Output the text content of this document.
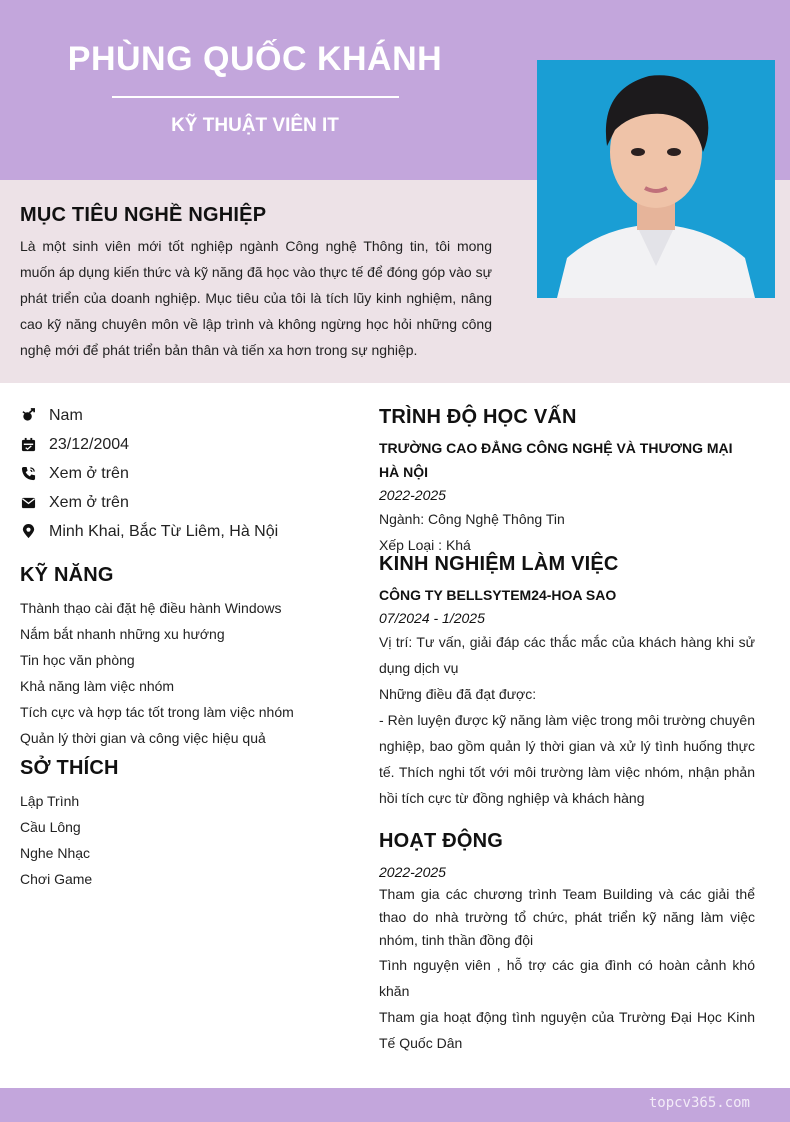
PHÙNG QUỐC KHÁNH
KỸ THUẬT VIÊN IT
MỤC TIÊU NGHỀ NGHIỆP
Là một sinh viên mới tốt nghiệp ngành Công nghệ Thông tin, tôi mong muốn áp dụng kiến thức và kỹ năng đã học vào thực tế để đóng góp vào sự phát triển của doanh nghiệp. Mục tiêu của tôi là tích lũy kinh nghiệm, nâng cao kỹ năng chuyên môn về lập trình và không ngừng học hỏi những công nghệ mới để phát triển bản thân và tiến xa hơn trong sự nghiệp.
Nam
23/12/2004
Xem ở trên
Xem ở trên
Minh Khai, Bắc Từ Liêm, Hà Nội
KỸ NĂNG
Thành thạo cài đặt hệ điều hành Windows
Nắm bắt nhanh những xu hướng
Tin học văn phòng
Khả năng làm việc nhóm
Tích cực và hợp tác tốt trong làm việc nhóm
Quản lý thời gian và công việc hiệu quả
SỞ THÍCH
Lập Trình
Cầu Lông
Nghe Nhạc
Chơi Game
TRÌNH ĐỘ HỌC VẤN
TRƯỜNG CAO ĐẲNG CÔNG NGHỆ VÀ THƯƠNG MẠI HÀ NỘI
2022-2025
Ngành: Công Nghệ Thông Tin
Xếp Loại : Khá
KINH NGHIỆM LÀM VIỆC
CÔNG TY BELLSYTEM24-HOA SAO
07/2024 - 1/2025
Vị trí: Tư vấn, giải đáp các thắc mắc của khách hàng khi sử dụng dịch vụ
Những điều đã đạt được:
- Rèn luyện được kỹ năng làm việc trong môi trường chuyên nghiệp, bao gồm quản lý thời gian và xử lý tình huống thực tế. Thích nghi tốt với môi trường làm việc nhóm, nhận phản hồi tích cực từ đồng nghiệp và khách hàng
HOẠT ĐỘNG
2022-2025
Tham gia các chương trình Team Building và các giải thể thao do nhà trường tổ chức, phát triển kỹ năng làm việc nhóm, tinh thần đồng đội
Tình nguyện viên , hỗ trợ các gia đình có hoàn cảnh khó khăn
Tham gia hoạt động tình nguyện của Trường Đại Học Kinh Tế Quốc Dân
topcv365.com
